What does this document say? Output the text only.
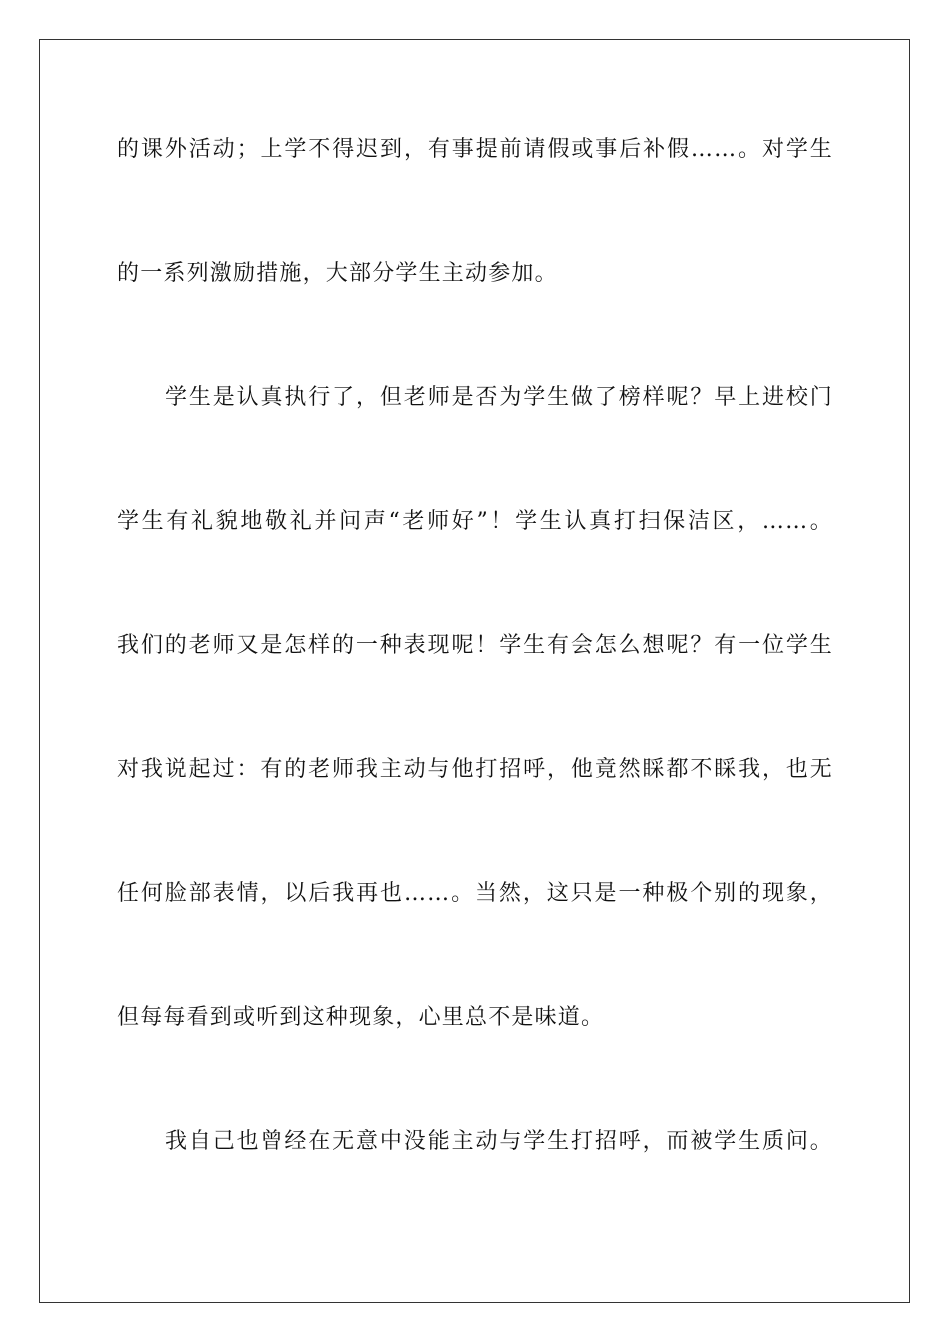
的课外活动；上学不得迟到，有事提前请假或事后补假……。对学生
的一系列激励措施，大部分学生主动参加。
学生是认真执行了，但老师是否为学生做了榜样呢？早上进校门
学生有礼貌地敬礼并问声“老师好”！学生认真打扫保洁区，……。
我们的老师又是怎样的一种表现呢！学生有会怎么想呢？有一位学生
对我说起过：有的老师我主动与他打招呼，他竟然睬都不睬我，也无
任何脸部表情，以后我再也……。当然，这只是一种极个别的现象，
但每每看到或听到这种现象，心里总不是味道。
我自己也曾经在无意中没能主动与学生打招呼，而被学生质问。
